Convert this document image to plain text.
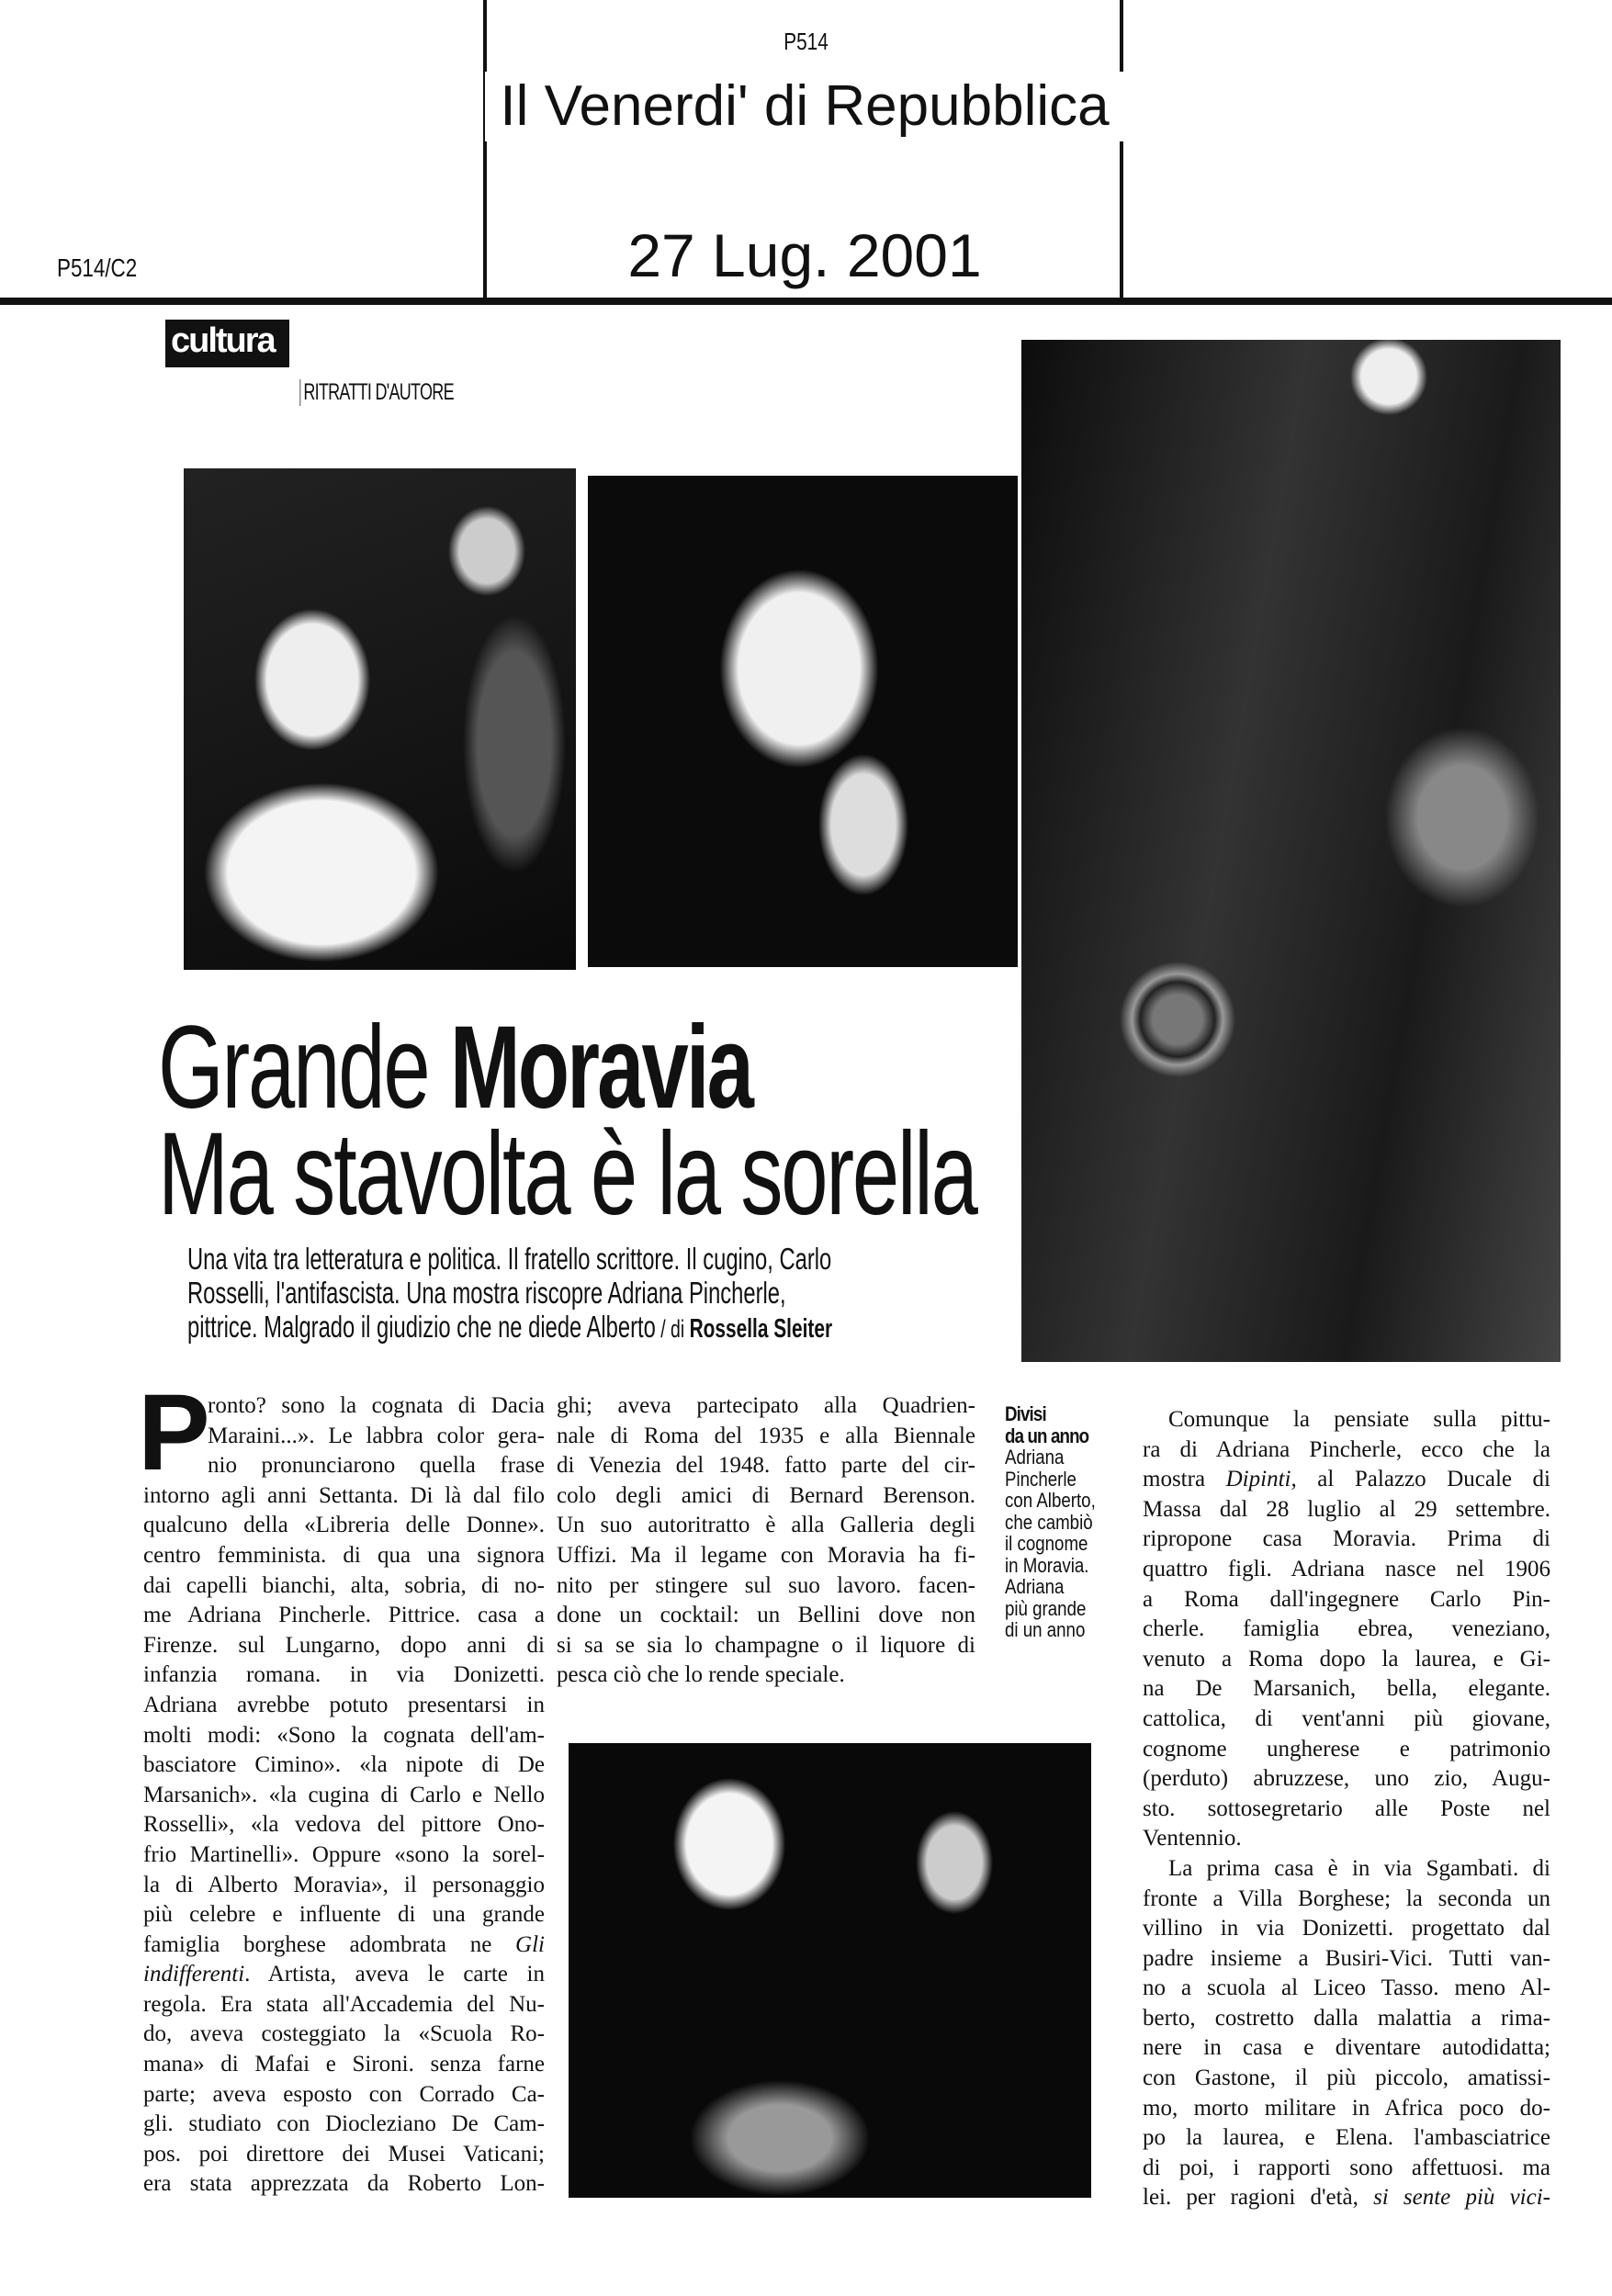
P514
Il Venerdi' di Repubblica
P514/C2	27 Lug. 2001
cultura
RITRATTI D'AUTORE
Grande Moravia
Ma stavolta è la sorella
Una vita tra letteratura e politica. Il fratello scrittore. Il cugino, Carlo
Rosselli, l'antifascista. Una mostra riscopre Adriana Pincherle,
pittrice. Malgrado il giudizio che ne diede Alberto / di Rossella Sleiter
P
ronto? sono la cognata di Dacia
Maraini...». Le labbra color gera-
nio pronunciarono quella frase
intorno agli anni Settanta. Di là dal filo
qualcuno della «Libreria delle Donne».
centro femminista. di qua una signora
dai capelli bianchi, alta, sobria, di no-
me Adriana Pincherle. Pittrice. casa a
Firenze. sul Lungarno, dopo anni di
infanzia romana. in via Donizetti.
Adriana avrebbe potuto presentarsi in
molti modi: «Sono la cognata dell'am-
basciatore Cimino». «la nipote di De
Marsanich». «la cugina di Carlo e Nello
Rosselli», «la vedova del pittore Ono-
frio Martinelli». Oppure «sono la sorel-
la di Alberto Moravia», il personaggio
più celebre e influente di una grande
famiglia borghese adombrata ne Gli
indifferenti. Artista, aveva le carte in
regola. Era stata all'Accademia del Nu-
do, aveva costeggiato la «Scuola Ro-
mana» di Mafai e Sironi. senza farne
parte; aveva esposto con Corrado Ca-
gli. studiato con Diocleziano De Cam-
pos. poi direttore dei Musei Vaticani;
era stata apprezzata da Roberto Lon-
ghi; aveva partecipato alla Quadrien-
nale di Roma del 1935 e alla Biennale
di Venezia del 1948. fatto parte del cir-
colo degli amici di Bernard Berenson.
Un suo autoritratto è alla Galleria degli
Uffizi. Ma il legame con Moravia ha fi-
nito per stingere sul suo lavoro. facen-
done un cocktail: un Bellini dove non
si sa se sia lo champagne o il liquore di
pesca ciò che lo rende speciale.
Comunque la pensiate sulla pittu-
ra di Adriana Pincherle, ecco che la
mostra Dipinti, al Palazzo Ducale di
Massa dal 28 luglio al 29 settembre.
ripropone casa Moravia. Prima di
quattro figli. Adriana nasce nel 1906
a Roma dall'ingegnere Carlo Pin-
cherle. famiglia ebrea, veneziano,
venuto a Roma dopo la laurea, e Gi-
na De Marsanich, bella, elegante.
cattolica, di vent'anni più giovane,
cognome ungherese e patrimonio
(perduto) abruzzese, uno zio, Augu-
sto. sottosegretario alle Poste nel
Ventennio.
La prima casa è in via Sgambati. di
fronte a Villa Borghese; la seconda un
villino in via Donizetti. progettato dal
padre insieme a Busiri-Vici. Tutti van-
no a scuola al Liceo Tasso. meno Al-
berto, costretto dalla malattia a rima-
nere in casa e diventare autodidatta;
con Gastone, il più piccolo, amatissi-
mo, morto militare in Africa poco do-
po la laurea, e Elena. l'ambasciatrice
di poi, i rapporti sono affettuosi. ma
lei. per ragioni d'età, si sente più vici-
Divisi
da un anno
Adriana
Pincherle
con Alberto,
che cambiò
il cognome
in Moravia.
Adriana
più grande
di un anno
